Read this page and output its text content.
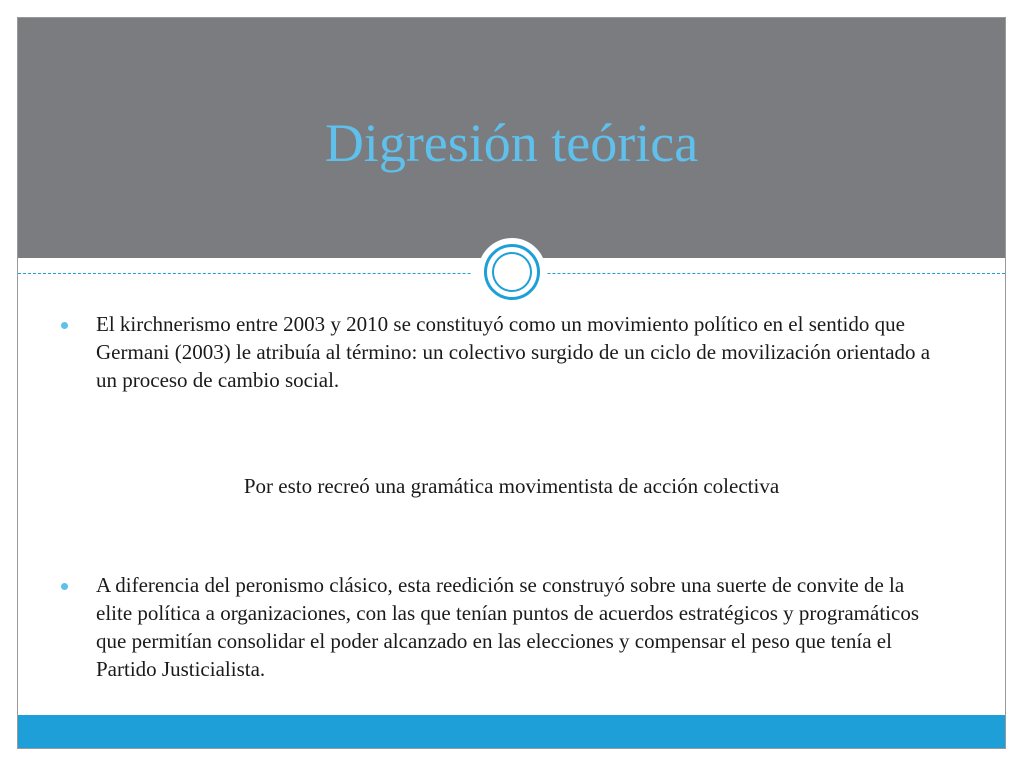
Digresión teórica
El kirchnerismo entre 2003 y 2010 se constituyó como un movimiento político en el sentido que Germani (2003) le atribuía al término: un colectivo surgido de un ciclo de movilización orientado a un proceso de cambio social.
Por esto recreó una gramática movimentista de acción colectiva
A diferencia del peronismo clásico, esta reedición se construyó sobre una suerte de convite de la elite política a organizaciones, con las que tenían puntos de acuerdos estratégicos y programáticos que permitían consolidar el poder alcanzado en las elecciones y compensar el peso que tenía el Partido Justicialista.
